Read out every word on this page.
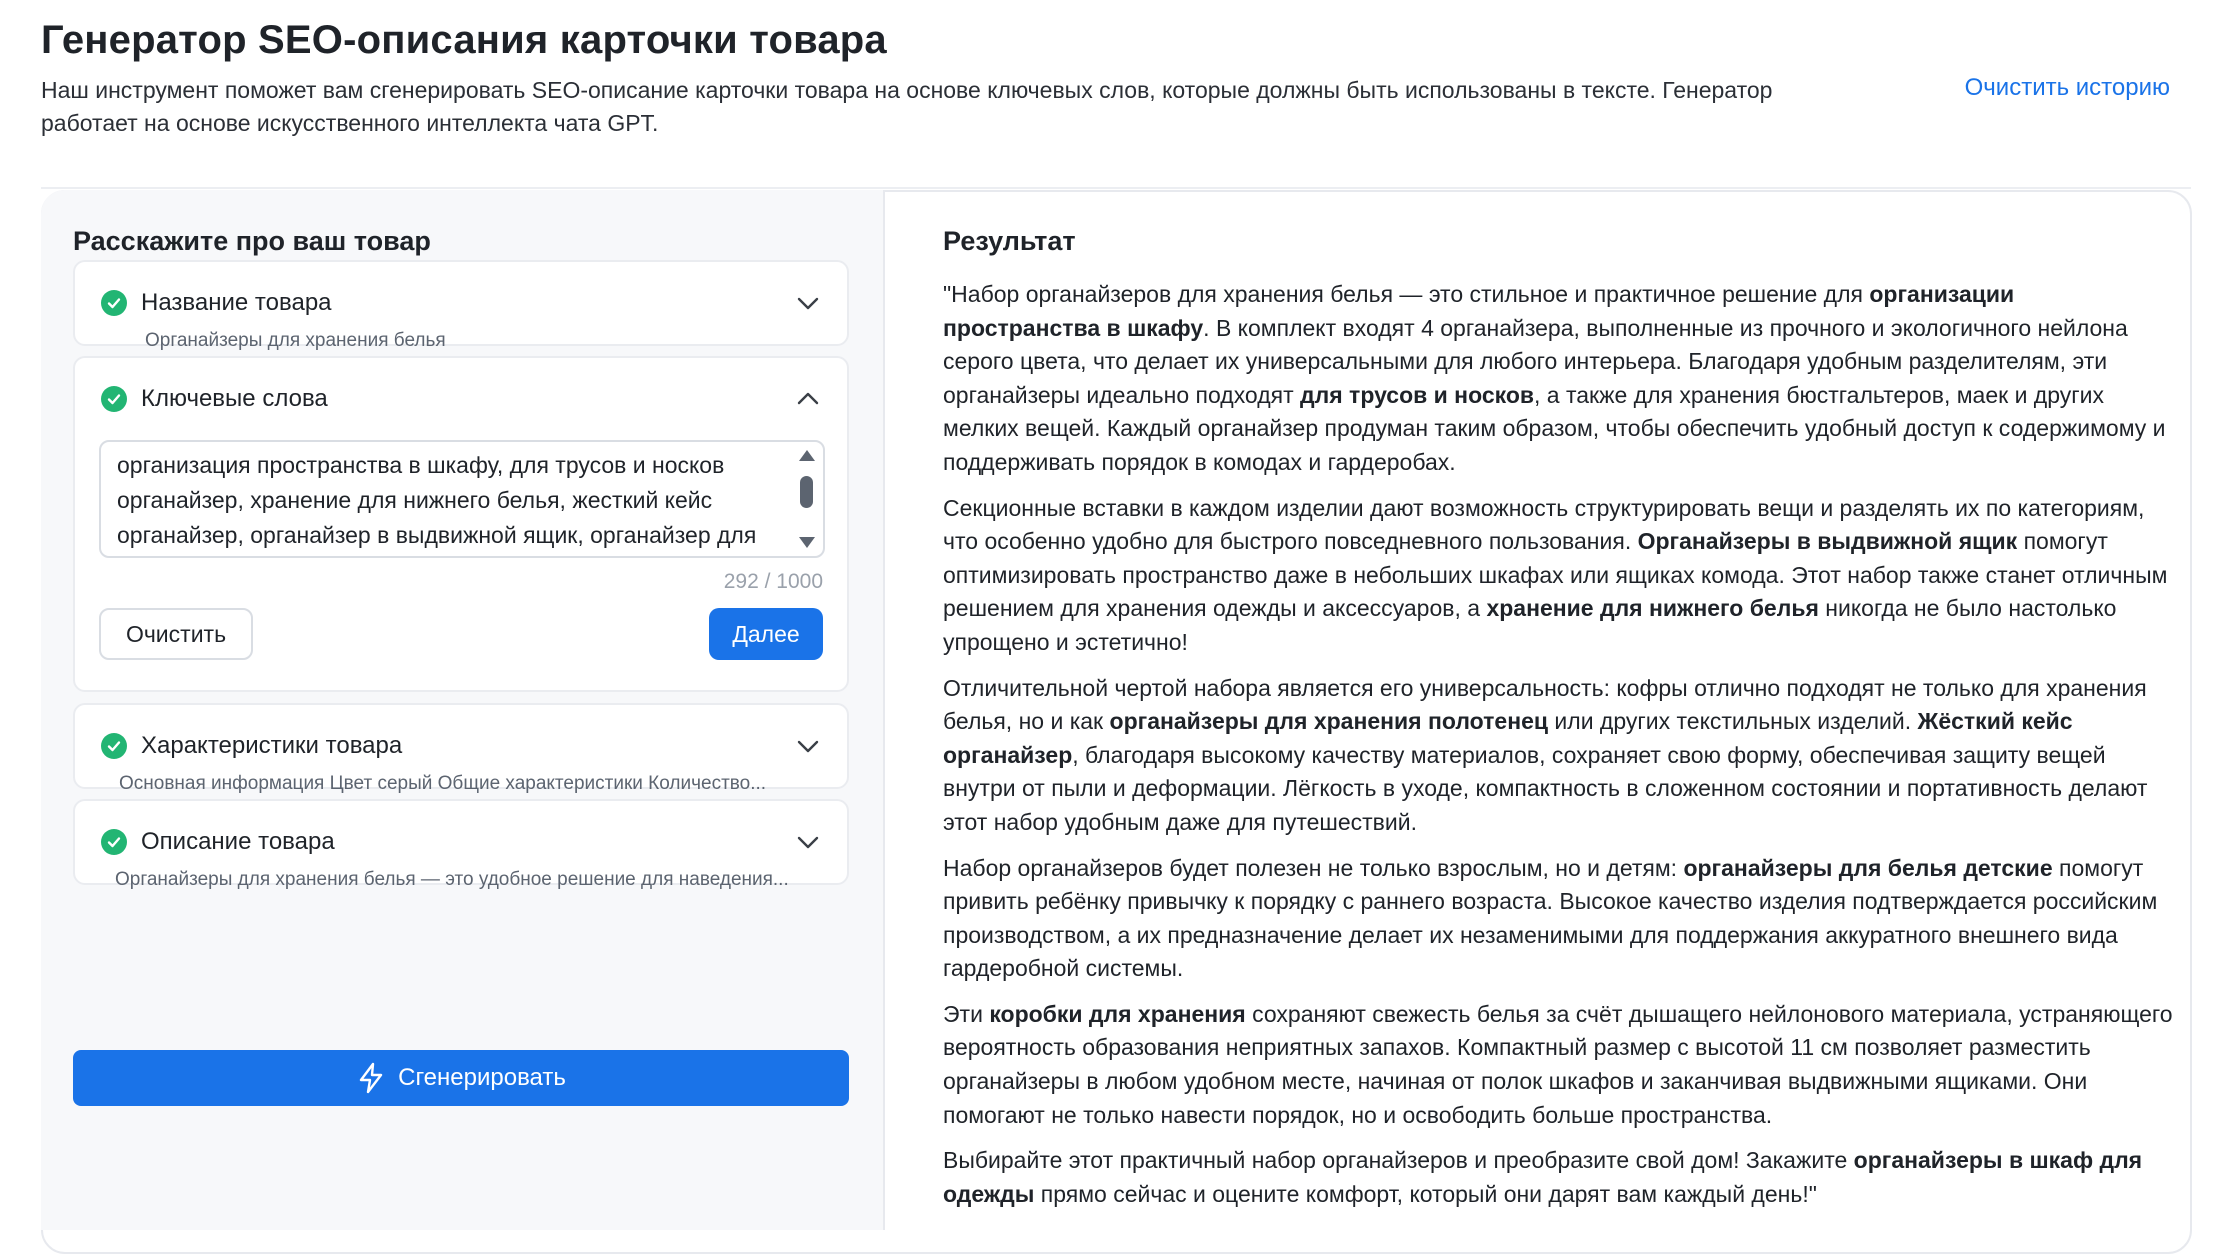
Генератор SEO-описания карточки товара
Наш инструмент поможет вам сгенерировать SEO-описание карточки товара на основе ключевых слов, которые должны быть использованы в тексте. Генератор работает на основе искусственного интеллекта чата GPT.
Очистить историю
Расскажите про ваш товар
Название товара
Органайзеры для хранения белья
Ключевые слова
организация пространства в шкафу, для трусов и носков органайзер, хранение для нижнего белья, жесткий кейс органайзер, органайзер в выдвижной ящик, органайзер для
292 / 1000
Очистить	Далее
Характеристики товара
Основная информация Цвет серый Общие характеристики Количество...
Описание товара
Органайзеры для хранения белья — это удобное решение для наведения...
Сгенерировать
Результат

"Набор органайзеров для хранения белья — это стильное и практичное решение для организации пространства в шкафу. В комплект входят 4 органайзера, выполненные из прочного и экологичного нейлона серого цвета, что делает их универсальными для любого интерьера. Благодаря удобным разделителям, эти органайзеры идеально подходят для трусов и носков, а также для хранения бюстгальтеров, маек и других мелких вещей. Каждый органайзер продуман таким образом, чтобы обеспечить удобный доступ к содержимому и поддерживать порядок в комодах и гардеробах.

Секционные вставки в каждом изделии дают возможность структурировать вещи и разделять их по категориям, что особенно удобно для быстрого повседневного пользования. Органайзеры в выдвижной ящик помогут оптимизировать пространство даже в небольших шкафах или ящиках комода. Этот набор также станет отличным решением для хранения одежды и аксессуаров, а хранение для нижнего белья никогда не было настолько упрощено и эстетично!

Отличительной чертой набора является его универсальность: кофры отлично подходят не только для хранения белья, но и как органайзеры для хранения полотенец или других текстильных изделий. Жёсткий кейс органайзер, благодаря высокому качеству материалов, сохраняет свою форму, обеспечивая защиту вещей внутри от пыли и деформации. Лёгкость в уходе, компактность в сложенном состоянии и портативность делают этот набор удобным даже для путешествий.

Набор органайзеров будет полезен не только взрослым, но и детям: органайзеры для белья детские помогут привить ребёнку привычку к порядку с раннего возраста. Высокое качество изделия подтверждается российским производством, а их предназначение делает их незаменимыми для поддержания аккуратного внешнего вида гардеробной системы.

Эти коробки для хранения сохраняют свежесть белья за счёт дышащего нейлонового материала, устраняющего вероятность образования неприятных запахов. Компактный размер с высотой 11 см позволяет разместить органайзеры в любом удобном месте, начиная от полок шкафов и заканчивая выдвижными ящиками. Они помогают не только навести порядок, но и освободить больше пространства.

Выбирайте этот практичный набор органайзеров и преобразите свой дом! Закажите органайзеры в шкаф для одежды прямо сейчас и оцените комфорт, который они дарят вам каждый день!"
